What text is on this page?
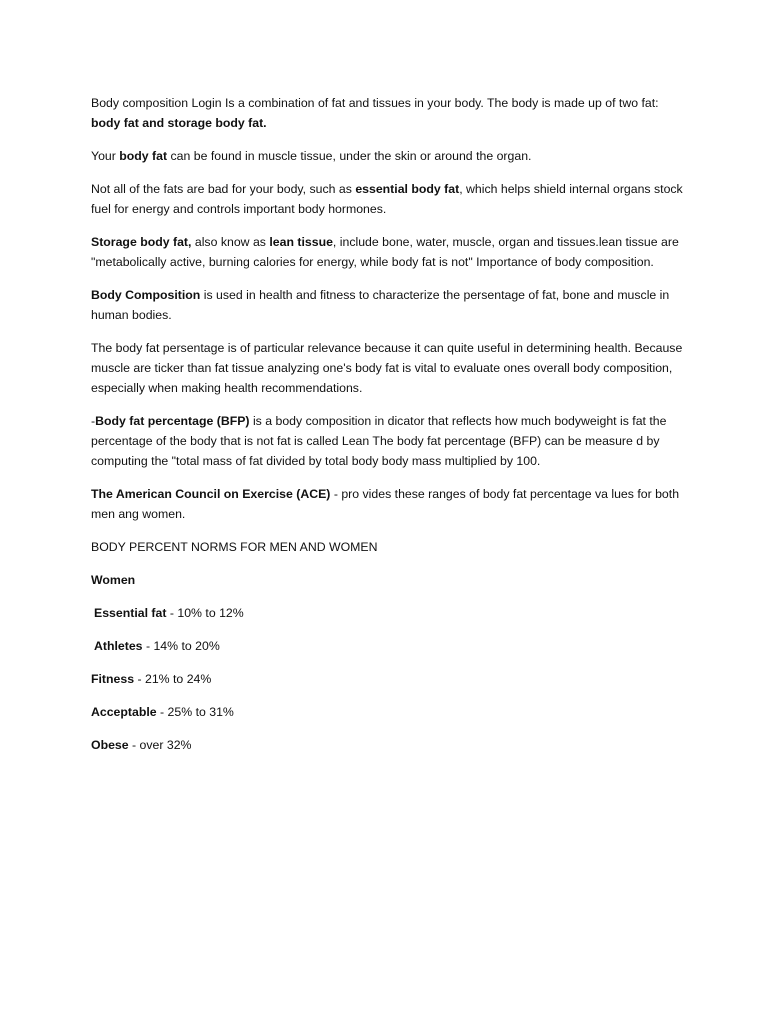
Body composition Login Is a combination of fat and tissues in your body. The body is made up of two fat: body fat and storage body fat.

Your body fat can be found in muscle tissue, under the skin or around the organ.

Not all of the fats are bad for your body, such as essential body fat, which helps shield internal organs stock fuel for energy and controls important body hormones.

Storage body fat, also know as lean tissue, include bone, water, muscle, organ and tissues.lean tissue are "metabolically active, burning calories for energy, while body fat is not" Importance of body composition.

Body Composition is used in health and fitness to characterize the persentage of fat, bone and muscle in human bodies.

The body fat persentage is of particular relevance because it can quite useful in determining health. Because muscle are ticker than fat tissue analyzing one's body fat is vital to evaluate ones overall body composition, especially when making health recommendations.

-Body fat percentage (BFP) is a body composition in dicator that reflects how much bodyweight is fat the percentage of the body that is not fat is called Lean The body fat percentage (BFP) can be measure d by computing the "total mass of fat divided by total body body mass multiplied by 100.

The American Council on Exercise (ACE) - pro vides these ranges of body fat percentage va lues for both men ang women.

BODY PERCENT NORMS FOR MEN AND WOMEN

Women

Essential fat - 10% to 12%
Athletes - 14% to 20%
Fitness - 21% to 24%
Acceptable - 25% to 31%
Obese - over 32%
